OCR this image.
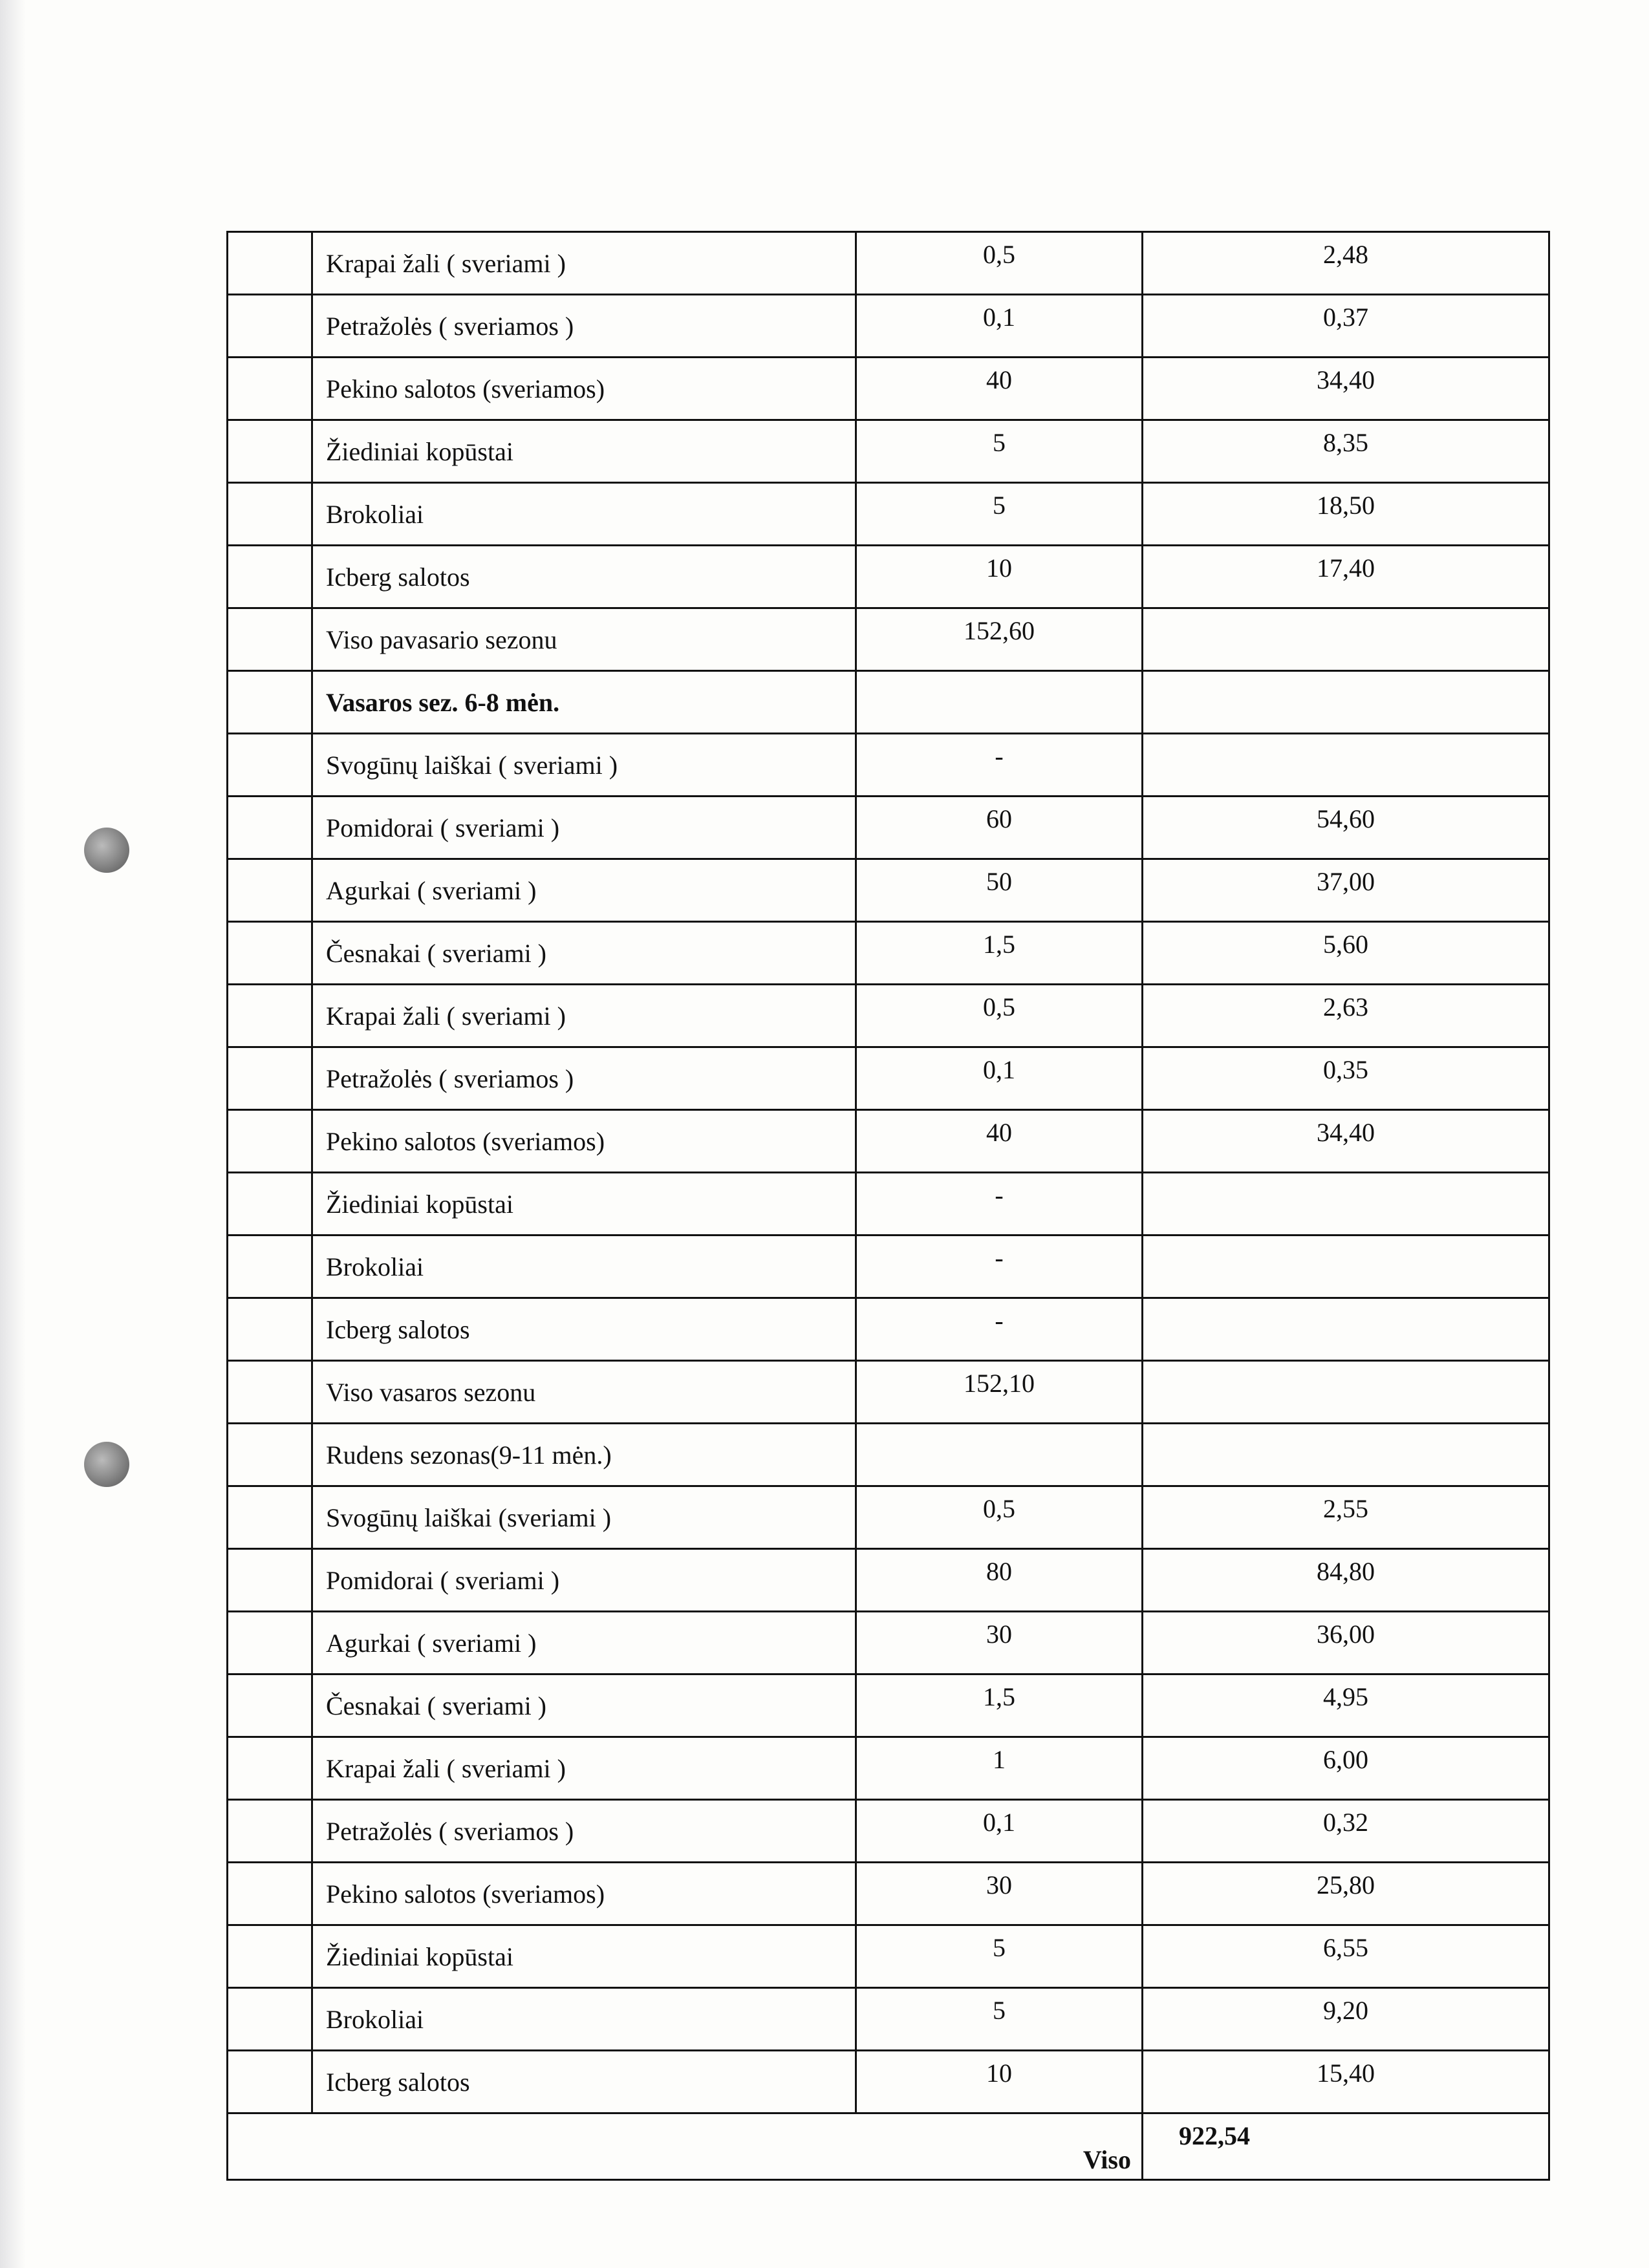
	Krapai žali ( sveriami )	0,5	2,48
	Petražolės ( sveriamos )	0,1	0,37
	Pekino salotos (sveriamos)	40	34,40
	Žiediniai kopūstai	5	8,35
	Brokoliai	5	18,50
	Icberg salotos	10	17,40
	Viso pavasario sezonu	152,60	
	Vasaros sez. 6-8 mėn.		
	Svogūnų laiškai ( sveriami )	-	
	Pomidorai ( sveriami )	60	54,60
	Agurkai ( sveriami )	50	37,00
	Česnakai ( sveriami )	1,5	5,60
	Krapai žali ( sveriami )	0,5	2,63
	Petražolės ( sveriamos )	0,1	0,35
	Pekino salotos (sveriamos)	40	34,40
	Žiediniai kopūstai	-	
	Brokoliai	-	
	Icberg salotos	-	
	Viso vasaros sezonu	152,10	
	Rudens sezonas(9-11 mėn.)		
	Svogūnų laiškai (sveriami )	0,5	2,55
	Pomidorai ( sveriami )	80	84,80
	Agurkai ( sveriami )	30	36,00
	Česnakai ( sveriami )	1,5	4,95
	Krapai žali ( sveriami )	1	6,00
	Petražolės ( sveriamos )	0,1	0,32
	Pekino salotos (sveriamos)	30	25,80
	Žiediniai kopūstai	5	6,55
	Brokoliai	5	9,20
	Icberg salotos	10	15,40
Viso			922,54
